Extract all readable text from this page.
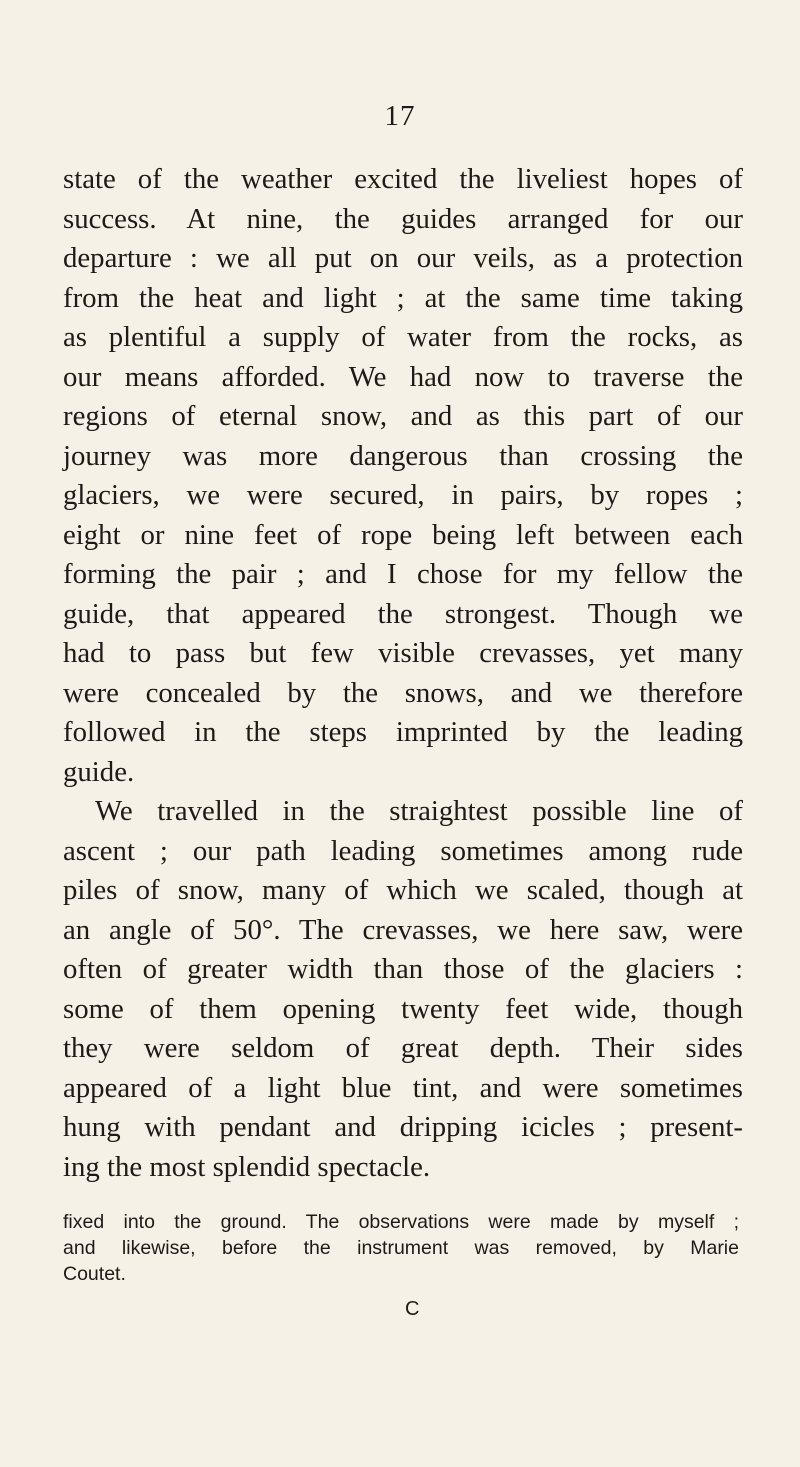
17
state of the weather excited the liveliest hopes of
success. At nine, the guides arranged for our
departure : we all put on our veils, as a protection
from the heat and light ; at the same time taking
as plentiful a supply of water from the rocks, as
our means afforded. We had now to traverse the
regions of eternal snow, and as this part of our
journey was more dangerous than crossing the
glaciers, we were secured, in pairs, by ropes ;
eight or nine feet of rope being left between each
forming the pair ; and I chose for my fellow the
guide, that appeared the strongest. Though we
had to pass but few visible crevasses, yet many
were concealed by the snows, and we therefore
followed in the steps imprinted by the leading
guide.
We travelled in the straightest possible line of
ascent ; our path leading sometimes among rude
piles of snow, many of which we scaled, though at
an angle of 50°. The crevasses, we here saw, were
often of greater width than those of the glaciers :
some of them opening twenty feet wide, though
they were seldom of great depth. Their sides
appeared of a light blue tint, and were sometimes
hung with pendant and dripping icicles ; present-
ing the most splendid spectacle.
fixed into the ground. The observations were made by myself ;
and likewise, before the instrument was removed, by Marie
Coutet.
C
